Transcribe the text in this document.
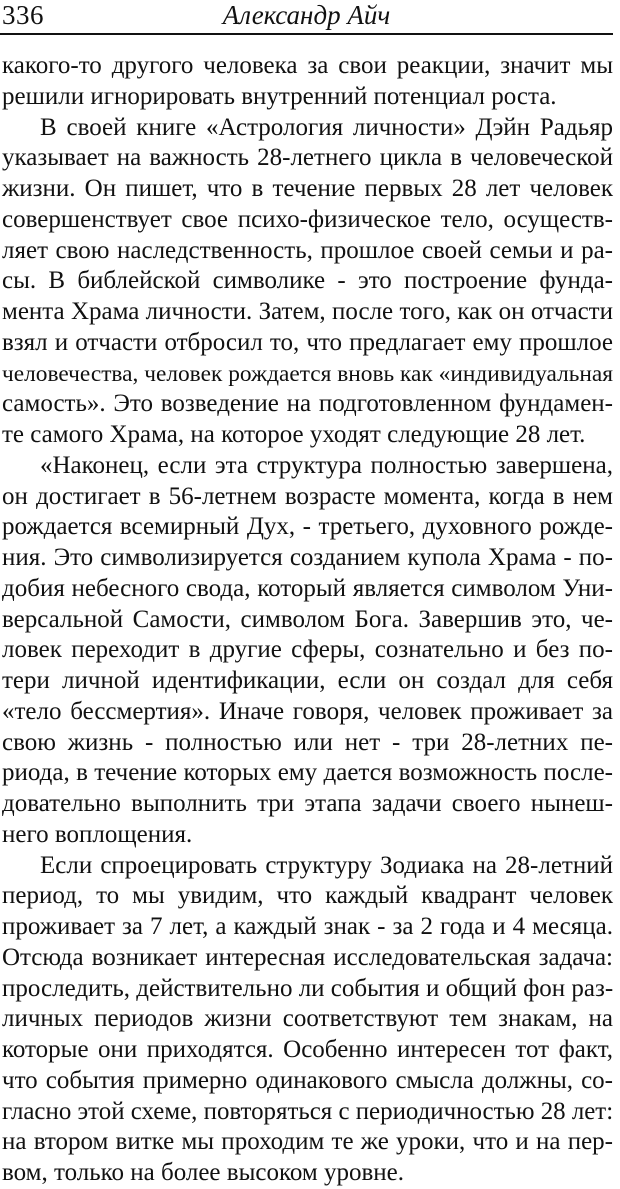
336	Александр Айч
какого-то другого человека за свои реакции, значит мы
решили игнорировать внутренний потенциал роста.
В своей книге «Астрология личности» Дэйн Радьяр
указывает на важность 28-летнего цикла в человеческой
жизни. Он пишет, что в течение первых 28 лет человек
совершенствует свое психо-физическое тело, осуществ-
ляет свою наследственность, прошлое своей семьи и ра-
сы. В библейской символике - это построение фунда-
мента Храма личности. Затем, после того, как он отчасти
взял и отчасти отбросил то, что предлагает ему прошлое
человечества, человек рождается вновь как «индивидуальная
самость». Это возведение на подготовленном фундамен-
те самого Храма, на которое уходят следующие 28 лет.
«Наконец, если эта структура полностью завершена,
он достигает в 56-летнем возрасте момента, когда в нем
рождается всемирный Дух, - третьего, духовного рожде-
ния. Это символизируется созданием купола Храма - по-
добия небесного свода, который является символом Уни-
версальной Самости, символом Бога. Завершив это, че-
ловек переходит в другие сферы, сознательно и без по-
тери личной идентификации, если он создал для себя
«тело бессмертия». Иначе говоря, человек проживает за
свою жизнь - полностью или нет - три 28-летних пе-
риода, в течение которых ему дается возможность после-
довательно выполнить три этапа задачи своего нынеш-
него воплощения.
Если спроецировать структуру Зодиака на 28-летний
период, то мы увидим, что каждый квадрант человек
проживает за 7 лет, а каждый знак - за 2 года и 4 месяца.
Отсюда возникает интересная исследовательская задача:
проследить, действительно ли события и общий фон раз-
личных периодов жизни соответствуют тем знакам, на
которые они приходятся. Особенно интересен тот факт,
что события примерно одинакового смысла должны, со-
гласно этой схеме, повторяться с периодичностью 28 лет:
на втором витке мы проходим те же уроки, что и на пер-
вом, только на более высоком уровне.
